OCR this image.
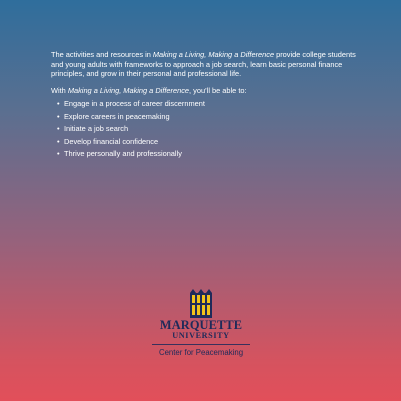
The activities and resources in Making a Living, Making a Difference provide college students and young adults with frameworks to approach a job search, learn basic personal finance principles, and grow in their personal and professional life.

With Making a Living, Making a Difference, you’ll be able to:

• Engage in a process of career discernment
• Explore careers in peacemaking
• Initiate a job search
• Develop financial confidence
• Thrive personally and professionally
MARQUETTE
UNIVERSITY
Center for Peacemaking
